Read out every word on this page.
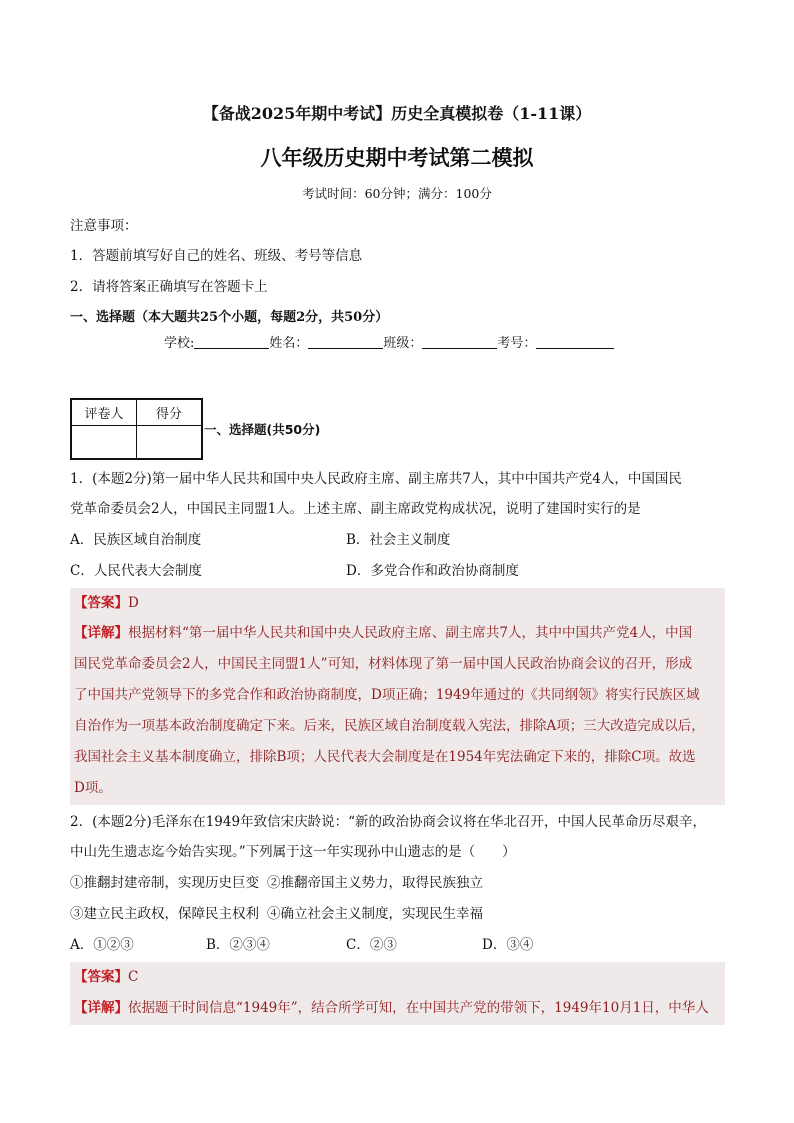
【备战2025年期中考试】历史全真模拟卷（1-11课）
八年级历史期中考试第二模拟
考试时间：60分钟；满分：100分
注意事项：
1．答题前填写好自己的姓名、班级、考号等信息
2．请将答案正确填写在答题卡上
一、选择题（本大题共25个小题，每题2分，共50分）
学校:	姓名：	班级：	考号：
评卷人	得分

一、选择题(共50分)
1．(本题2分)第一届中华人民共和国中央人民政府主席、副主席共7人，其中中国共产党4人，中国国民
党革命委员会2人，中国民主同盟1人。上述主席、副主席政党构成状况，说明了建国时实行的是
A．民族区域自治制度	B．社会主义制度
C．人民代表大会制度	D．多党合作和政治协商制度
【答案】D
【详解】根据材料“第一届中华人民共和国中央人民政府主席、副主席共7人，其中中国共产党4人，中国
国民党革命委员会2人，中国民主同盟1人”可知，材料体现了第一届中国人民政治协商会议的召开，形成
了中国共产党领导下的多党合作和政治协商制度，D项正确；1949年通过的《共同纲领》将实行民族区域
自治作为一项基本政治制度确定下来。后来，民族区域自治制度载入宪法，排除A项；三大改造完成以后，
我国社会主义基本制度确立，排除B项；人民代表大会制度是在1954年宪法确定下来的，排除C项。故选
D项。
2．(本题2分)毛泽东在1949年致信宋庆龄说：“新的政治协商会议将在华北召开，中国人民革命历尽艰辛，
中山先生遗志迄今始告实现。”下列属于这一年实现孙中山遗志的是（　　）
①推翻封建帝制，实现历史巨变 ②推翻帝国主义势力，取得民族独立
③建立民主政权，保障民主权利 ④确立社会主义制度，实现民生幸福
A．①②③	B．②③④	C．②③	D．③④
【答案】C
【详解】依据题干时间信息“1949年”，结合所学可知，在中国共产党的带领下，1949年10月1日，中华人
